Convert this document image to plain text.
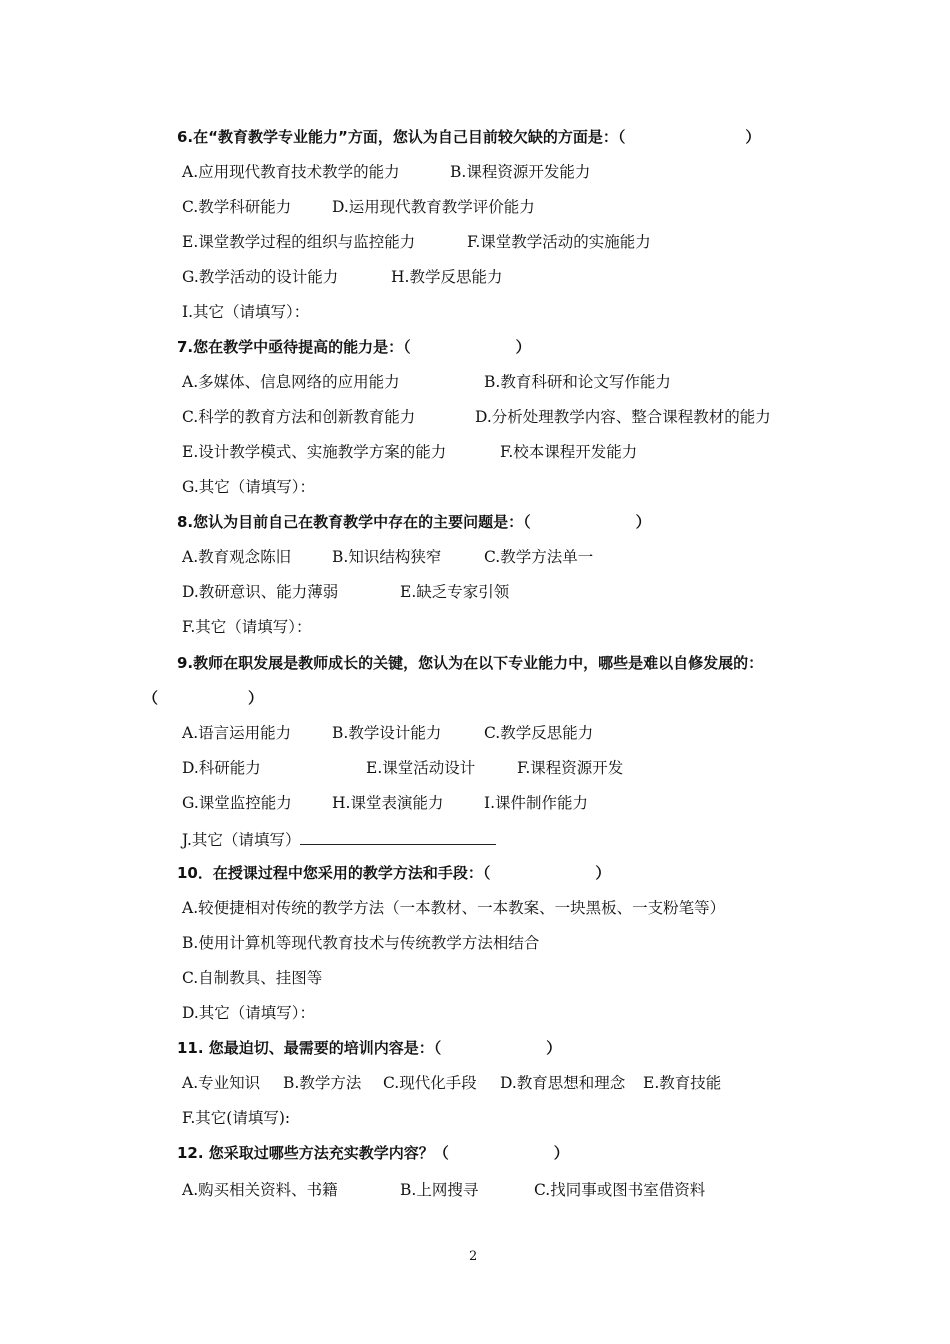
6.在“教育教学专业能力”方面，您认为自己目前较欠缺的方面是：（　　　　　　　　）
A.应用现代教育技术教学的能力	B.课程资源开发能力
C.教学科研能力	D.运用现代教育教学评价能力
E.课堂教学过程的组织与监控能力	F.课堂教学活动的实施能力
G.教学活动的设计能力	H.教学反思能力
I.其它（请填写）：
7.您在教学中亟待提高的能力是：（　　　　　　　）
A.多媒体、信息网络的应用能力	B.教育科研和论文写作能力
C.科学的教育方法和创新教育能力	D.分析处理教学内容、整合课程教材的能力
E.设计教学模式、实施教学方案的能力	F.校本课程开发能力
G.其它（请填写）：
8.您认为目前自己在教育教学中存在的主要问题是：（　　　　　　　）
A.教育观念陈旧	B.知识结构狭窄	C.教学方法单一
D.教研意识、能力薄弱	E.缺乏专家引领
F.其它（请填写）：
9.教师在职发展是教师成长的关键，您认为在以下专业能力中，哪些是难以自修发展的：
（　　　　　　）
A.语言运用能力	B.教学设计能力	C.教学反思能力
D.科研能力	E.课堂活动设计	F.课程资源开发
G.课堂监控能力	H.课堂表演能力	I.课件制作能力
J.其它（请填写）
10．在授课过程中您采用的教学方法和手段：（　　　　　　　）
A.较便捷相对传统的教学方法（一本教材、一本教案、一块黑板、一支粉笔等）
B.使用计算机等现代教育技术与传统教学方法相结合
C.自制教具、挂图等
D.其它（请填写）：
11. 您最迫切、最需要的培训内容是：（　　　　　　　）
A.专业知识 B.教学方法 C.现代化手段 D.教育思想和理念 E.教育技能
F.其它(请填写):
12. 您采取过哪些方法充实教学内容？（　　　　　　　）
A.购买相关资料、书籍	B.上网搜寻	C.找同事或图书室借资料
2
